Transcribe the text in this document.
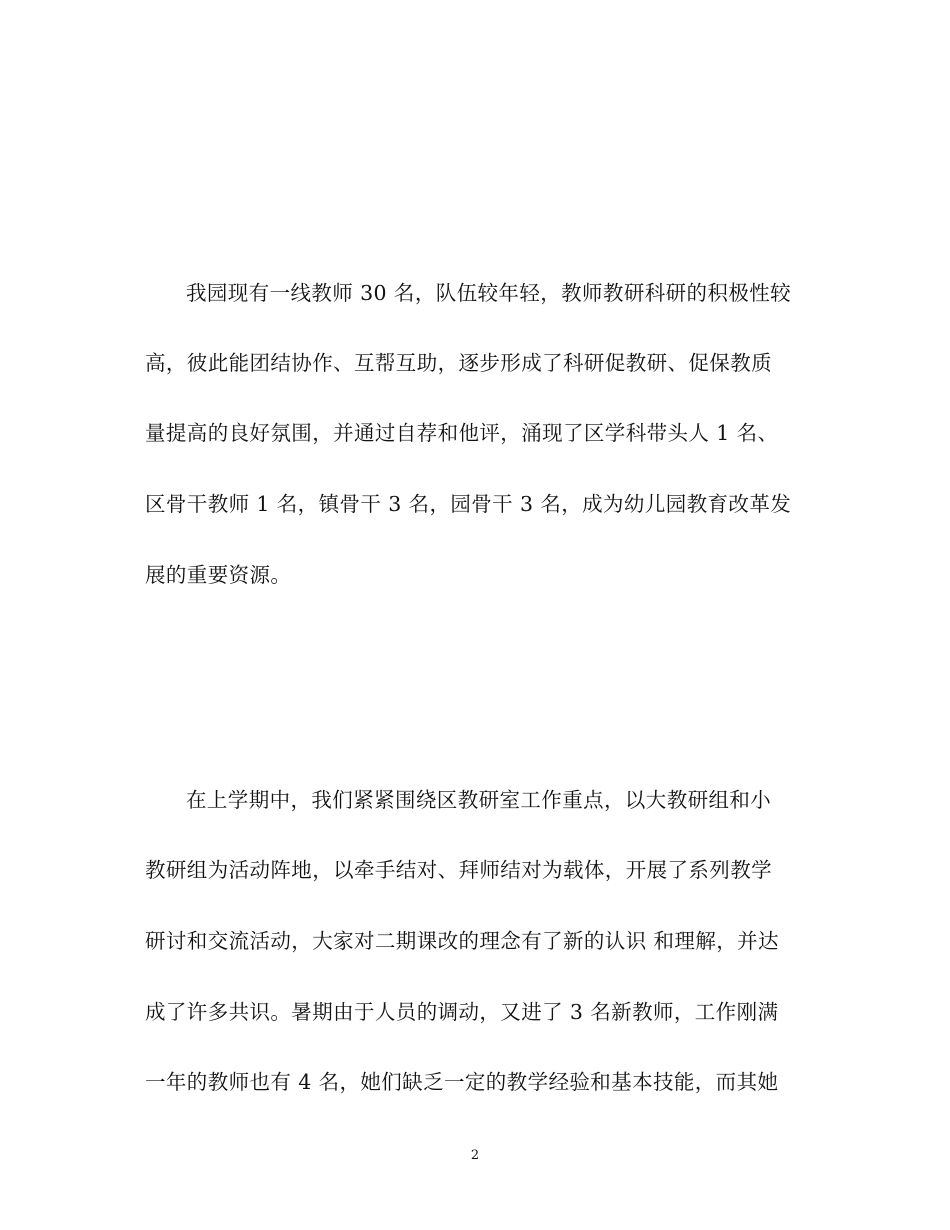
我园现有一线教师 30 名，队伍较年轻，教师教研科研的积极性较
高，彼此能团结协作、互帮互助，逐步形成了科研促教研、促保教质
量提高的良好氛围，并通过自荐和他评，涌现了区学科带头人 1 名、
区骨干教师 1 名，镇骨干 3 名，园骨干 3 名，成为幼儿园教育改革发
展的重要资源。
在上学期中，我们紧紧围绕区教研室工作重点，以大教研组和小
教研组为活动阵地，以牵手结对、拜师结对为载体，开展了系列教学
研讨和交流活动，大家对二期课改的理念有了新的认识 和理解，并达
成了许多共识。暑期由于人员的调动，又进了 3 名新教师，工作刚满
一年的教师也有 4 名，她们缺乏一定的教学经验和基本技能，而其她
2
